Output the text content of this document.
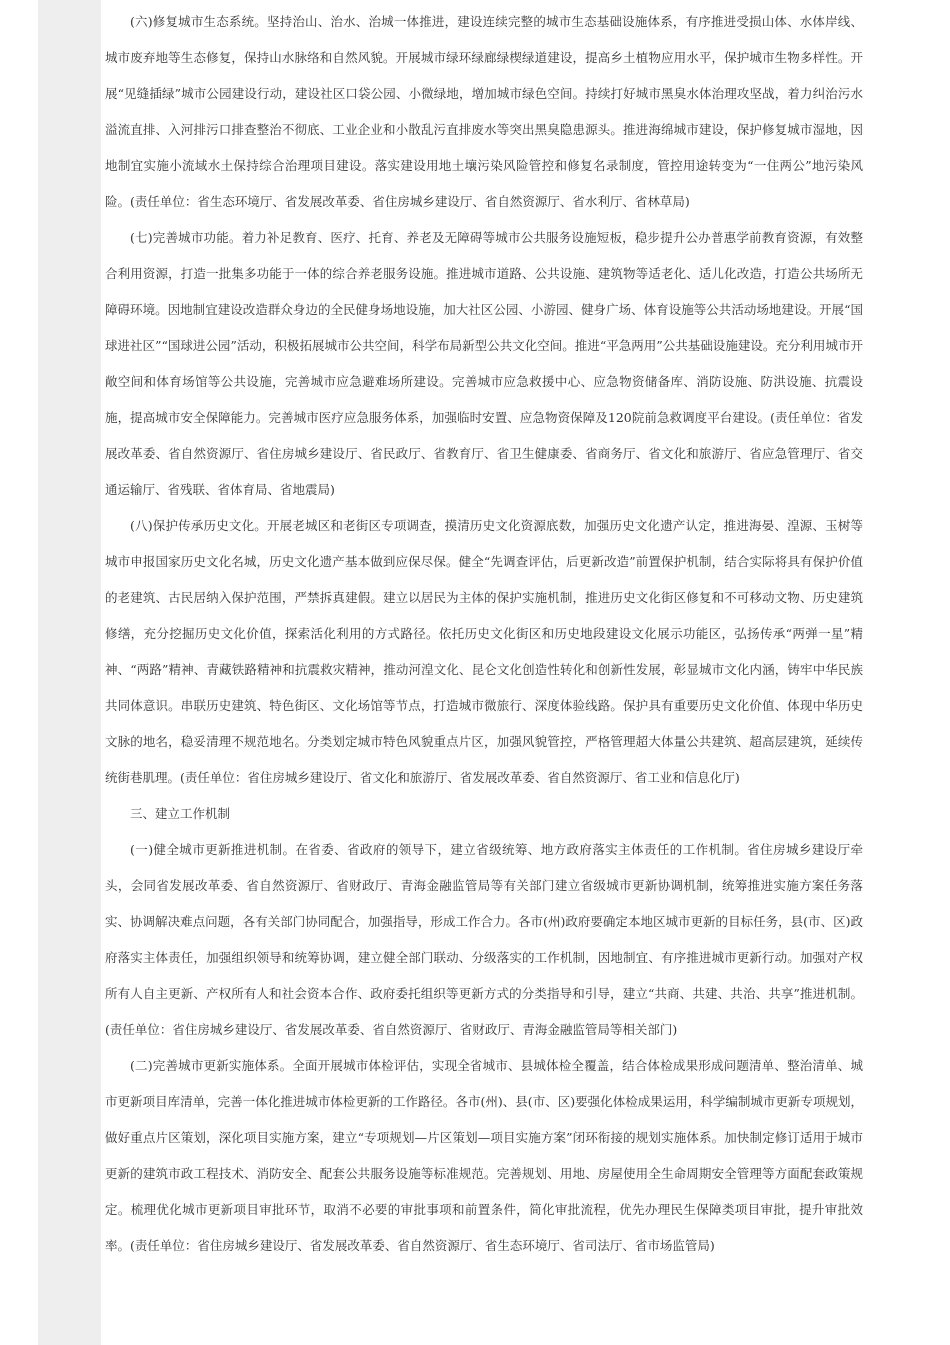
(六)修复城市生态系统。坚持治山、治水、治城一体推进，建设连续完整的城市生态基础设施体系，有序推进受损山体、水体岸线、城市废弃地等生态修复，保持山水脉络和自然风貌。开展城市绿环绿廊绿楔绿道建设，提高乡土植物应用水平，保护城市生物多样性。开展“见缝插绿”城市公园建设行动，建设社区口袋公园、小微绿地，增加城市绿色空间。持续打好城市黑臭水体治理攻坚战，着力纠治污水溢流直排、入河排污口排查整治不彻底、工业企业和小散乱污直排废水等突出黑臭隐患源头。推进海绵城市建设，保护修复城市湿地，因地制宜实施小流域水土保持综合治理项目建设。落实建设用地土壤污染风险管控和修复名录制度，管控用途转变为“一住两公”地污染风险。(责任单位：省生态环境厅、省发展改革委、省住房城乡建设厅、省自然资源厅、省水利厅、省林草局)

(七)完善城市功能。着力补足教育、医疗、托育、养老及无障碍等城市公共服务设施短板，稳步提升公办普惠学前教育资源，有效整合利用资源，打造一批集多功能于一体的综合养老服务设施。推进城市道路、公共设施、建筑物等适老化、适儿化改造，打造公共场所无障碍环境。因地制宜建设改造群众身边的全民健身场地设施，加大社区公园、小游园、健身广场、体育设施等公共活动场地建设。开展“国球进社区”“国球进公园”活动，积极拓展城市公共空间，科学布局新型公共文化空间。推进“平急两用”公共基础设施建设。充分利用城市开敞空间和体育场馆等公共设施，完善城市应急避难场所建设。完善城市应急救援中心、应急物资储备库、消防设施、防洪设施、抗震设施，提高城市安全保障能力。完善城市医疗应急服务体系，加强临时安置、应急物资保障及120院前急救调度平台建设。(责任单位：省发展改革委、省自然资源厅、省住房城乡建设厅、省民政厅、省教育厅、省卫生健康委、省商务厅、省文化和旅游厅、省应急管理厅、省交通运输厅、省残联、省体育局、省地震局)

(八)保护传承历史文化。开展老城区和老街区专项调查，摸清历史文化资源底数，加强历史文化遗产认定，推进海晏、湟源、玉树等城市申报国家历史文化名城，历史文化遗产基本做到应保尽保。健全“先调查评估，后更新改造”前置保护机制，结合实际将具有保护价值的老建筑、古民居纳入保护范围，严禁拆真建假。建立以居民为主体的保护实施机制，推进历史文化街区修复和不可移动文物、历史建筑修缮，充分挖掘历史文化价值，探索活化利用的方式路径。依托历史文化街区和历史地段建设文化展示功能区，弘扬传承“两弹一星”精神、“两路”精神、青藏铁路精神和抗震救灾精神，推动河湟文化、昆仑文化创造性转化和创新性发展，彰显城市文化内涵，铸牢中华民族共同体意识。串联历史建筑、特色街区、文化场馆等节点，打造城市微旅行、深度体验线路。保护具有重要历史文化价值、体现中华历史文脉的地名，稳妥清理不规范地名。分类划定城市特色风貌重点片区，加强风貌管控，严格管理超大体量公共建筑、超高层建筑，延续传统街巷肌理。(责任单位：省住房城乡建设厅、省文化和旅游厅、省发展改革委、省自然资源厅、省工业和信息化厅)

三、建立工作机制

(一)健全城市更新推进机制。在省委、省政府的领导下，建立省级统筹、地方政府落实主体责任的工作机制。省住房城乡建设厅牵头，会同省发展改革委、省自然资源厅、省财政厅、青海金融监管局等有关部门建立省级城市更新协调机制，统筹推进实施方案任务落实、协调解决难点问题，各有关部门协同配合，加强指导，形成工作合力。各市(州)政府要确定本地区城市更新的目标任务，县(市、区)政府落实主体责任，加强组织领导和统筹协调，建立健全部门联动、分级落实的工作机制，因地制宜、有序推进城市更新行动。加强对产权所有人自主更新、产权所有人和社会资本合作、政府委托组织等更新方式的分类指导和引导，建立“共商、共建、共治、共享”推进机制。(责任单位：省住房城乡建设厅、省发展改革委、省自然资源厅、省财政厅、青海金融监管局等相关部门)

(二)完善城市更新实施体系。全面开展城市体检评估，实现全省城市、县城体检全覆盖，结合体检成果形成问题清单、整治清单、城市更新项目库清单，完善一体化推进城市体检更新的工作路径。各市(州)、县(市、区)要强化体检成果运用，科学编制城市更新专项规划，做好重点片区策划，深化项目实施方案，建立“专项规划—片区策划—项目实施方案”闭环衔接的规划实施体系。加快制定修订适用于城市更新的建筑市政工程技术、消防安全、配套公共服务设施等标准规范。完善规划、用地、房屋使用全生命周期安全管理等方面配套政策规定。梳理优化城市更新项目审批环节，取消不必要的审批事项和前置条件，简化审批流程，优先办理民生保障类项目审批，提升审批效率。(责任单位：省住房城乡建设厅、省发展改革委、省自然资源厅、省生态环境厅、省司法厅、省市场监管局)
